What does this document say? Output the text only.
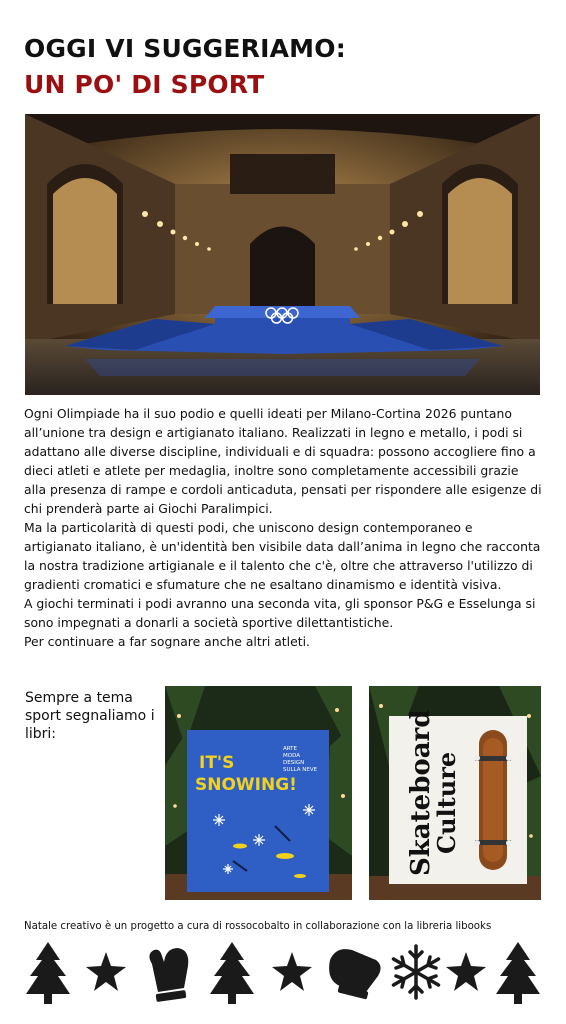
OGGI VI SUGGERIAMO:
UN PO' DI SPORT

Ogni Olimpiade ha il suo podio e quelli ideati per Milano-Cortina 2026 puntano all’unione tra design e artigianato italiano. Realizzati in legno e metallo, i podi si adattano alle diverse discipline, individuali e di squadra: possono accogliere fino a dieci atleti e atlete per medaglia, inoltre sono completamente accessibili grazie alla presenza di rampe e cordoli anticaduta, pensati per rispondere alle esigenze di chi prenderà parte ai Giochi Paralimpici.

Ma la particolarità di questi podi, che uniscono design contemporaneo e artigianato italiano, è un'identità ben visibile data dall’anima in legno che racconta la nostra tradizione artigianale e il talento che c'è, oltre che attraverso l'utilizzo di gradienti cromatici e sfumature che ne esaltano dinamismo e identità visiva.

A giochi terminati i podi avranno una seconda vita, gli sponsor P&G e Esselunga si sono impegnati a donarli a società sportive dilettantistiche.

Per continuare a far sognare anche altri atleti.

Sempre a tema sport segnaliamo i libri:
IT'S
SNOWING!
ARTE
MODA
DESIGN
SULLA NEVE	Skateboard
Culture
Natale creativo è un progetto a cura di rossocobalto in collaborazione con la libreria libooks
